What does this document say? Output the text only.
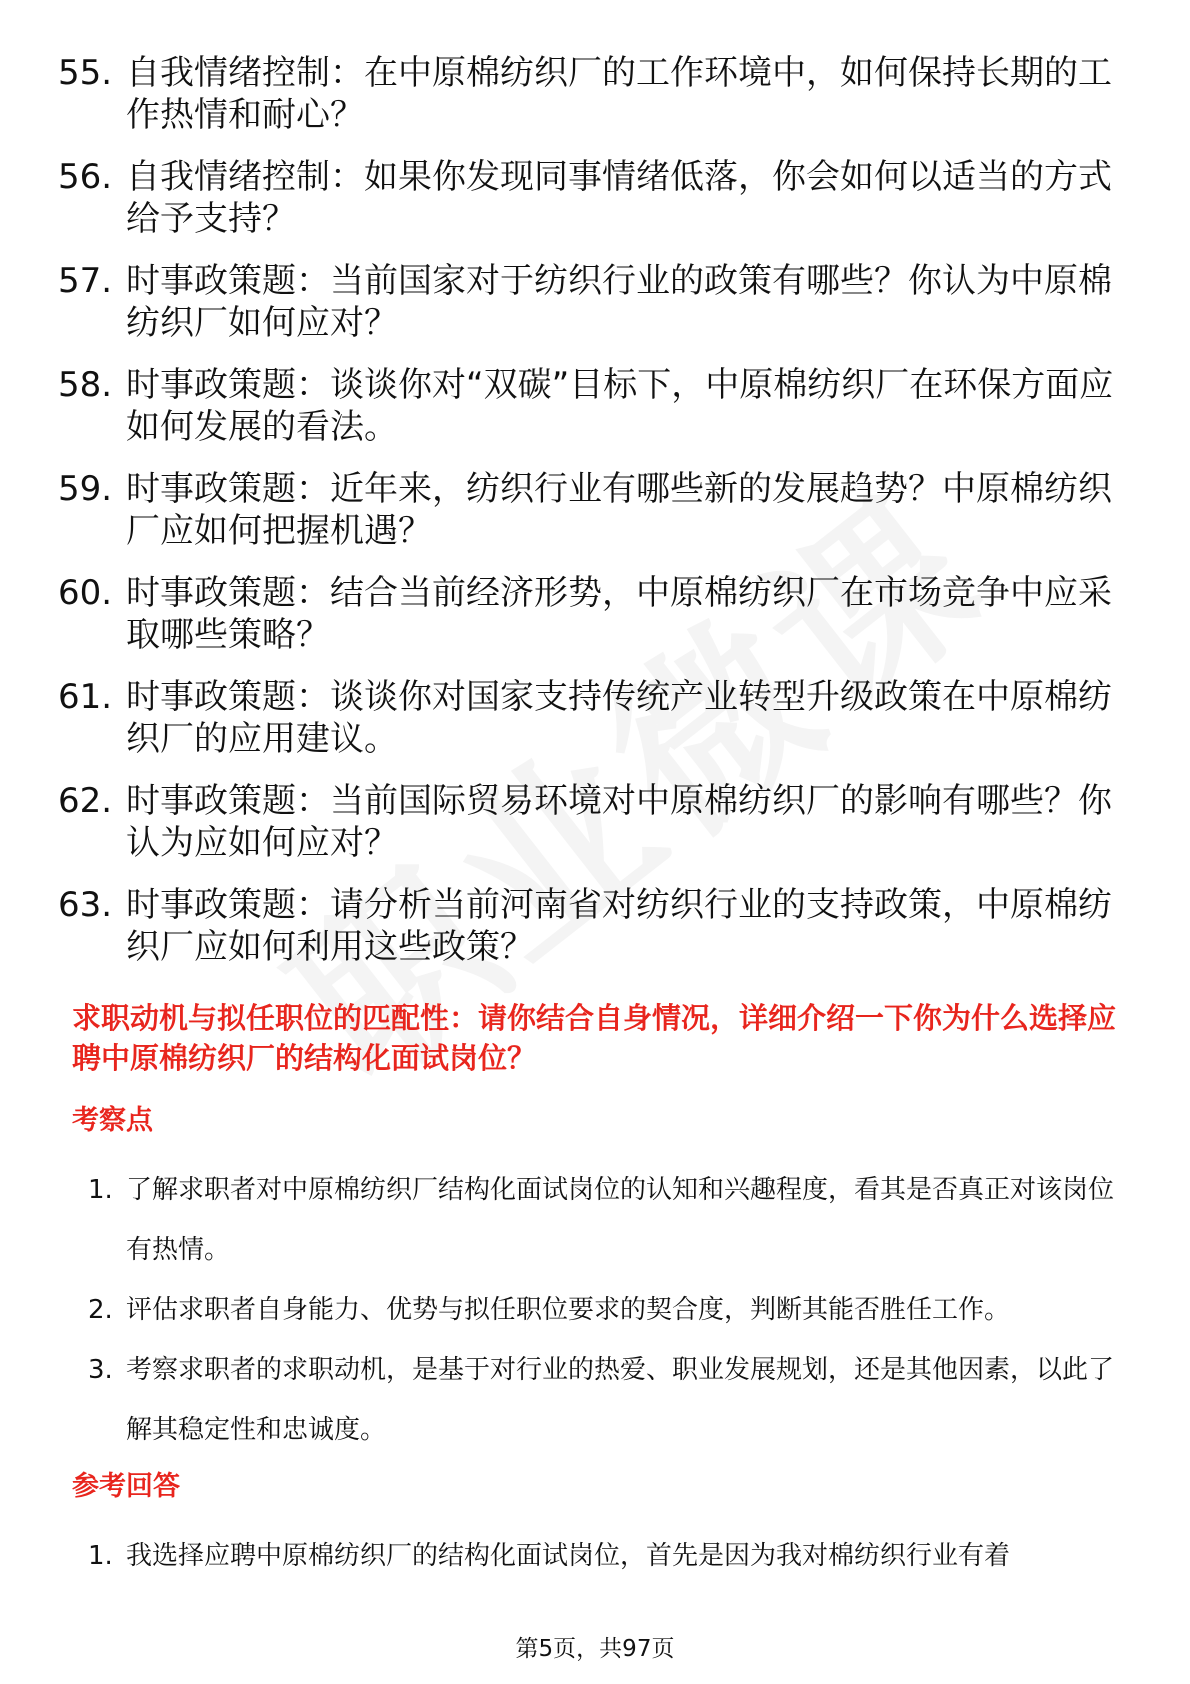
55. 自我情绪控制：在中原棉纺织厂的工作环境中，如何保持长期的工作热情和耐心？
56. 自我情绪控制：如果你发现同事情绪低落，你会如何以适当的方式给予支持？
57. 时事政策题：当前国家对于纺织行业的政策有哪些？你认为中原棉纺织厂如何应对？
58. 时事政策题：谈谈你对“双碳”目标下，中原棉纺织厂在环保方面应如何发展的看法。
59. 时事政策题：近年来，纺织行业有哪些新的发展趋势？中原棉纺织厂应如何把握机遇？
60. 时事政策题：结合当前经济形势，中原棉纺织厂在市场竞争中应采取哪些策略？
61. 时事政策题：谈谈你对国家支持传统产业转型升级政策在中原棉纺织厂的应用建议。
62. 时事政策题：当前国际贸易环境对中原棉纺织厂的影响有哪些？你认为应如何应对？
63. 时事政策题：请分析当前河南省对纺织行业的支持政策，中原棉纺织厂应如何利用这些政策？
求职动机与拟任职位的匹配性：请你结合自身情况，详细介绍一下你为什么选择应聘中原棉纺织厂的结构化面试岗位？
考察点
1. 了解求职者对中原棉纺织厂结构化面试岗位的认知和兴趣程度，看其是否真正对该岗位有热情。
2. 评估求职者自身能力、优势与拟任职位要求的契合度，判断其能否胜任工作。
3. 考察求职者的求职动机，是基于对行业的热爱、职业发展规划，还是其他因素，以此了解其稳定性和忠诚度。
参考回答
1. 我选择应聘中原棉纺织厂的结构化面试岗位，首先是因为我对棉纺织行业有着
第5页，共97页
